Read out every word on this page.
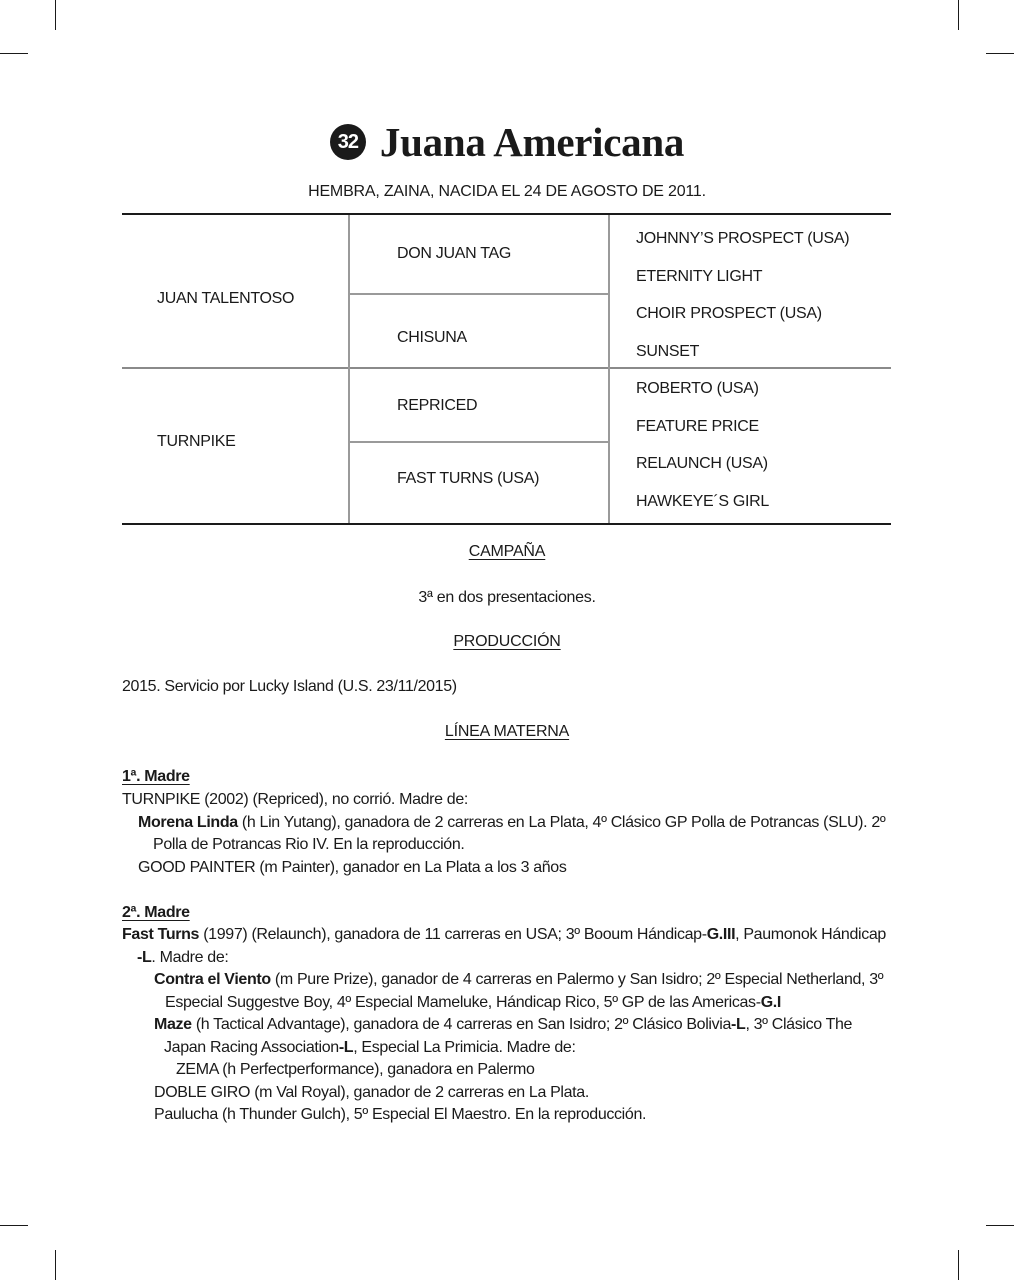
32 Juana Americana
HEMBRA, ZAINA, NACIDA EL 24 DE AGOSTO DE 2011.
JUAN TALENTOSO
TURNPIKE
DON JUAN TAG
CHISUNA
REPRICED
FAST TURNS (USA)
JOHNNY’S PROSPECT (USA)
ETERNITY LIGHT
CHOIR PROSPECT (USA)
SUNSET
ROBERTO (USA)
FEATURE PRICE
RELAUNCH (USA)
HAWKEYE´S GIRL
CAMPAÑA
3ª en dos presentaciones.
PRODUCCIÓN
2015. Servicio por Lucky Island (U.S. 23/11/2015)
LÍNEA MATERNA
1ª. Madre
TURNPIKE (2002) (Repriced), no corrió. Madre de:
Morena Linda (h Lin Yutang), ganadora de 2 carreras en La Plata, 4º Clásico GP Polla de Potrancas (SLU). 2º
Polla de Potrancas Rio IV. En la reproducción.
GOOD PAINTER (m Painter), ganador en La Plata a los 3 años
2ª. Madre
Fast Turns (1997) (Relaunch), ganadora de 11 carreras en USA; 3º Booum Hándicap-G.III, Paumonok Hándicap
-L. Madre de:
Contra el Viento (m Pure Prize), ganador de 4 carreras en Palermo y San Isidro; 2º Especial Netherland, 3º
Especial Suggestve Boy, 4º Especial Mameluke, Hándicap Rico, 5º GP de las Americas-G.I
Maze (h Tactical Advantage), ganadora de 4 carreras en San Isidro; 2º Clásico Bolivia-L, 3º Clásico The
Japan Racing Association-L, Especial La Primicia. Madre de:
ZEMA (h Perfectperformance), ganadora en Palermo
DOBLE GIRO (m Val Royal), ganador de 2 carreras en La Plata.
Paulucha (h Thunder Gulch), 5º Especial El Maestro. En la reproducción.
